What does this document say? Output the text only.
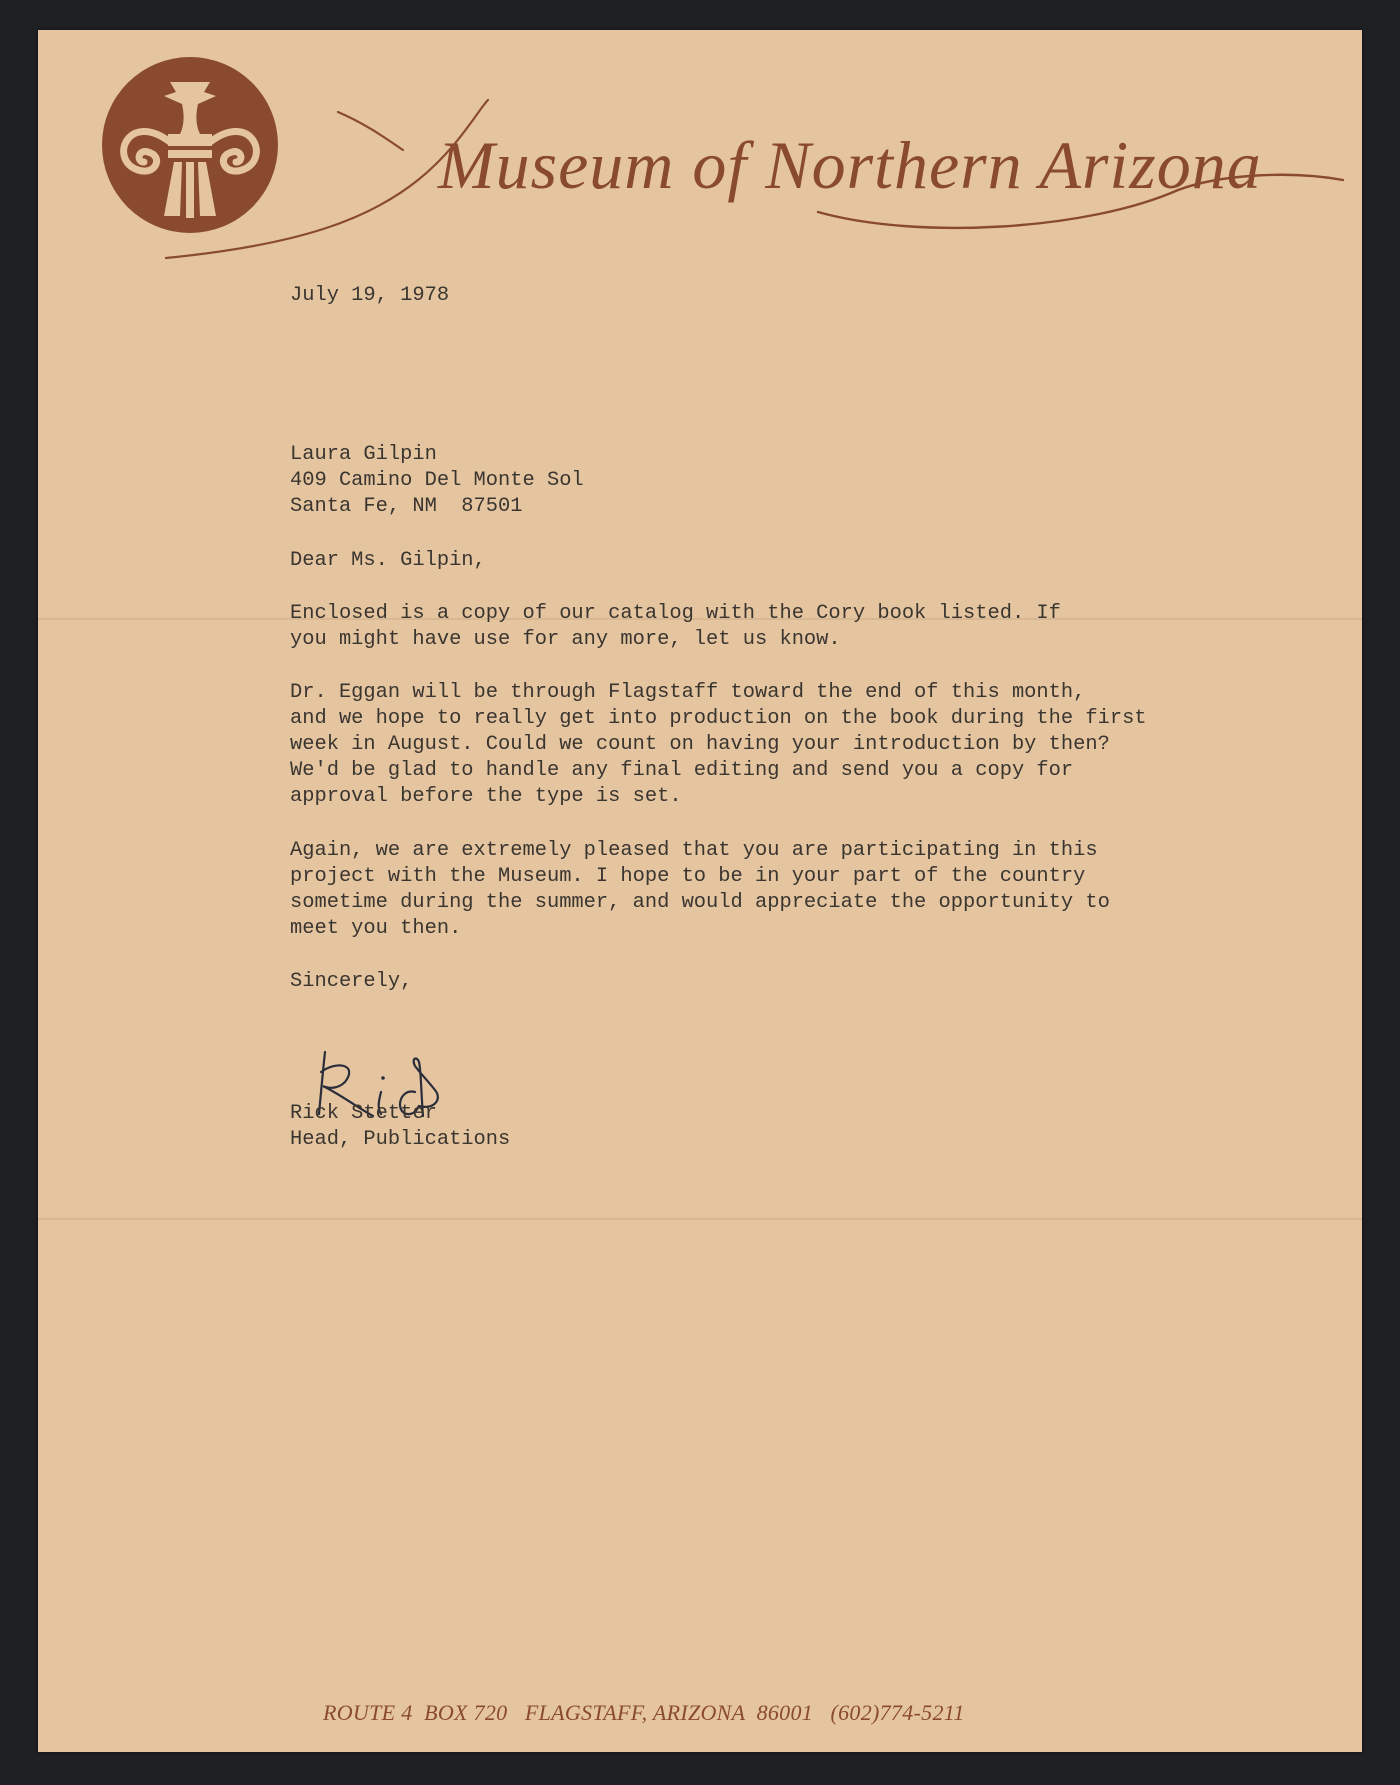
Museum of Northern Arizona
July 19, 1978
Laura Gilpin
409 Camino Del Monte Sol
Santa Fe, NM  87501
Dear Ms. Gilpin,
Enclosed is a copy of our catalog with the Cory book listed. If
you might have use for any more, let us know.
Dr. Eggan will be through Flagstaff toward the end of this month,
and we hope to really get into production on the book during the first
week in August. Could we count on having your introduction by then?
We'd be glad to handle any final editing and send you a copy for
approval before the type is set.
Again, we are extremely pleased that you are participating in this
project with the Museum. I hope to be in your part of the country
sometime during the summer, and would appreciate the opportunity to
meet you then.
Sincerely,
Rick Stetter
Head, Publications
ROUTE 4  BOX 720   FLAGSTAFF, ARIZONA  86001   (602)774-5211
